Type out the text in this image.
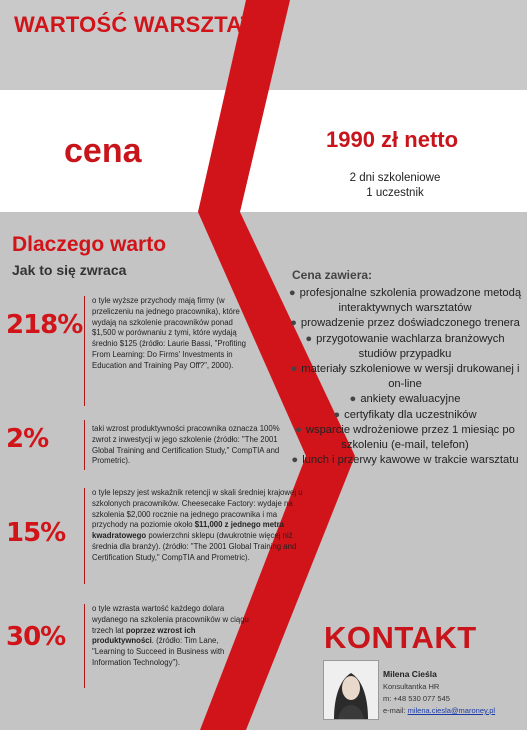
WARTOŚĆ WARSZTATU
cena	1990 zł netto
2 dni szkoleniowe
1 uczestnik
Dlaczego warto
Jak to się zwraca
218%
o tyle wyższe przychody mają firmy (w przeliczeniu na jednego pracownika), które wydają na szkolenie pracowników ponad $1,500 w porównaniu z tymi, które wydają średnio $125 (źródło: Laurie Bassi, "Profiting From Learning: Do Firms' Investments in Education and Training Pay Off?", 2000).
2%	taki wzrost produktywności pracownika oznacza 100% zwrot z inwestycji w jego szkolenie (źródło: "The 2001 Global Training and Certification Study," CompTIA and Prometric).
15%
o tyle lepszy jest wskaźnik retencji w skali średniej krajowej u szkolonych pracowników. Cheesecake Factory: wydaje na szkolenia $2,000 rocznie na jednego pracownika i ma przychody na poziomie około $11,000 z jednego metra kwadratowego powierzchni sklepu (dwukrotnie więcej niż średnia dla branży). (źródło: "The 2001 Global Training and Certification Study," CompTIA and Prometric).
30%
o tyle wzrasta wartość każdego dolara wydanego na szkolenia pracowników w ciągu trzech lat poprzez wzrost ich produktywności. (źródło: Tim Lane, "Learning to Succeed in Business with Information Technology").
Cena zawiera:
● profesjonalne szkolenia prowadzone metodą interaktywnych warsztatów
● prowadzenie przez doświadczonego trenera
● przygotowanie wachlarza branżowych studiów przypadku
● materiały szkoleniowe w wersji drukowanej i on-line
● ankiety ewaluacyjne
● certyfikaty dla uczestników
● wsparcie wdrożeniowe przez 1 miesiąc po szkoleniu (e-mail, telefon)
● lunch i przerwy kawowe w trakcie warsztatu
KONTAKT
Milena Cieśla
Konsultantka HR
m: +48 530 077 545
e-mail: milena.ciesla@maroney.pl
